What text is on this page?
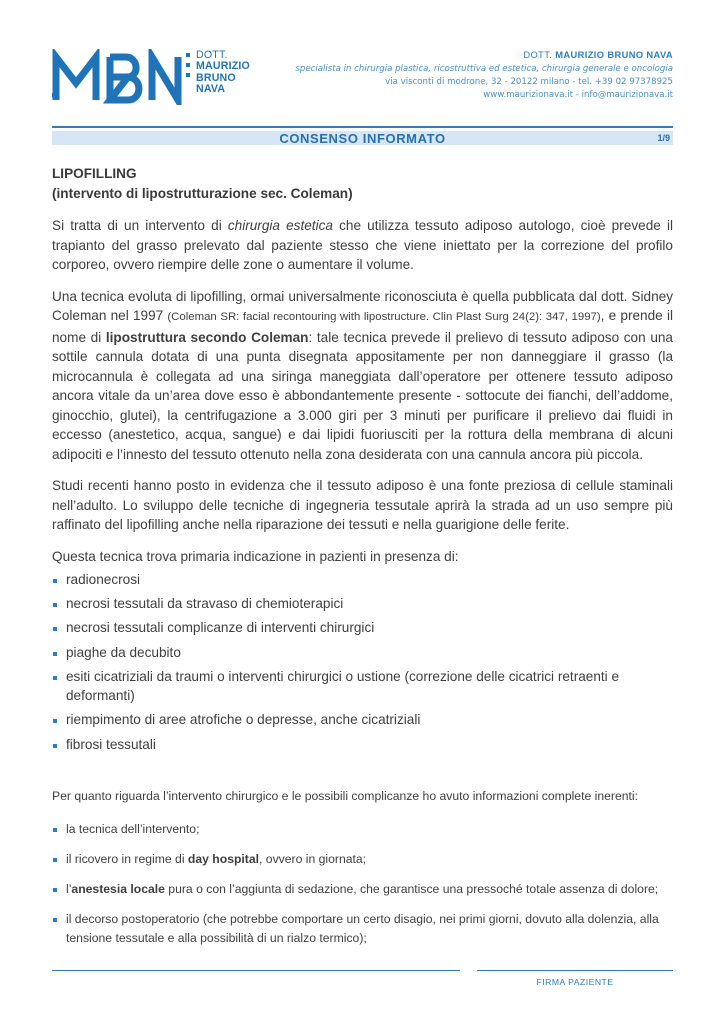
DOTT.
MAURIZIO
BRUNO
NAVA
DOTT. MAURIZIO BRUNO NAVA
specialista in chirurgia plastica, ricostruttiva ed estetica, chirurgia generale e oncologia
via visconti di modrone, 32 - 20122 milano - tel. +39 02 97378925
www.maurizionava.it - info@maurizionava.it
CONSENSO INFORMATO	1/9
LIPOFILLING
(intervento di lipostrutturazione sec. Coleman)

Si tratta di un intervento di chirurgia estetica che utilizza tessuto adiposo autologo, cioè prevede il trapianto del grasso prelevato dal paziente stesso che viene iniettato per la correzione del profilo corporeo, ovvero riempire delle zone o aumentare il volume.

Una tecnica evoluta di lipofilling, ormai universalmente riconosciuta è quella pubblicata dal dott. Sidney Coleman nel 1997 (Coleman SR: facial recontouring with lipostructure. Clin Plast Surg 24(2): 347, 1997), e prende il nome di lipostruttura secondo Coleman: tale tecnica prevede il prelievo di tessuto adiposo con una sottile cannula dotata di una punta disegnata appositamente per non danneggiare il grasso (la microcannula è collegata ad una siringa maneggiata dall’operatore per ottenere tessuto adiposo ancora vitale da un’area dove esso è abbondantemente presente - sottocute dei fianchi, dell’addome, ginocchio, glutei), la centrifugazione a 3.000 giri per 3 minuti per purificare il prelievo dai fluidi in eccesso (anestetico, acqua, sangue) e dai lipidi fuoriusciti per la rottura della membrana di alcuni adipociti e l’innesto del tessuto ottenuto nella zona desiderata con una cannula ancora più piccola.

Studi recenti hanno posto in evidenza che il tessuto adiposo è una fonte preziosa di cellule staminali nell’adulto. Lo sviluppo delle tecniche di ingegneria tessutale aprirà la strada ad un uso sempre più raffinato del lipofilling anche nella riparazione dei tessuti e nella guarigione delle ferite.

Questa tecnica trova primaria indicazione in pazienti in presenza di:

radionecrosi
necrosi tessutali da stravaso di chemioterapici
necrosi tessutali complicanze di interventi chirurgici
piaghe da decubito
esiti cicatriziali da traumi o interventi chirurgici o ustione (correzione delle cicatrici retraenti e deformanti)
riempimento di aree atrofiche o depresse, anche cicatriziali
fibrosi tessutali

Per quanto riguarda l’intervento chirurgico e le possibili complicanze ho avuto informazioni complete inerenti:

la tecnica dell’intervento;
il ricovero in regime di day hospital, ovvero in giornata;
l’anestesia locale pura o con l’aggiunta di sedazione, che garantisce una pressoché totale assenza di dolore;
il decorso postoperatorio (che potrebbe comportare un certo disagio, nei primi giorni, dovuto alla dolenzia, alla tensione tessutale e alla possibilità di un rialzo termico);
FIRMA PAZIENTE
